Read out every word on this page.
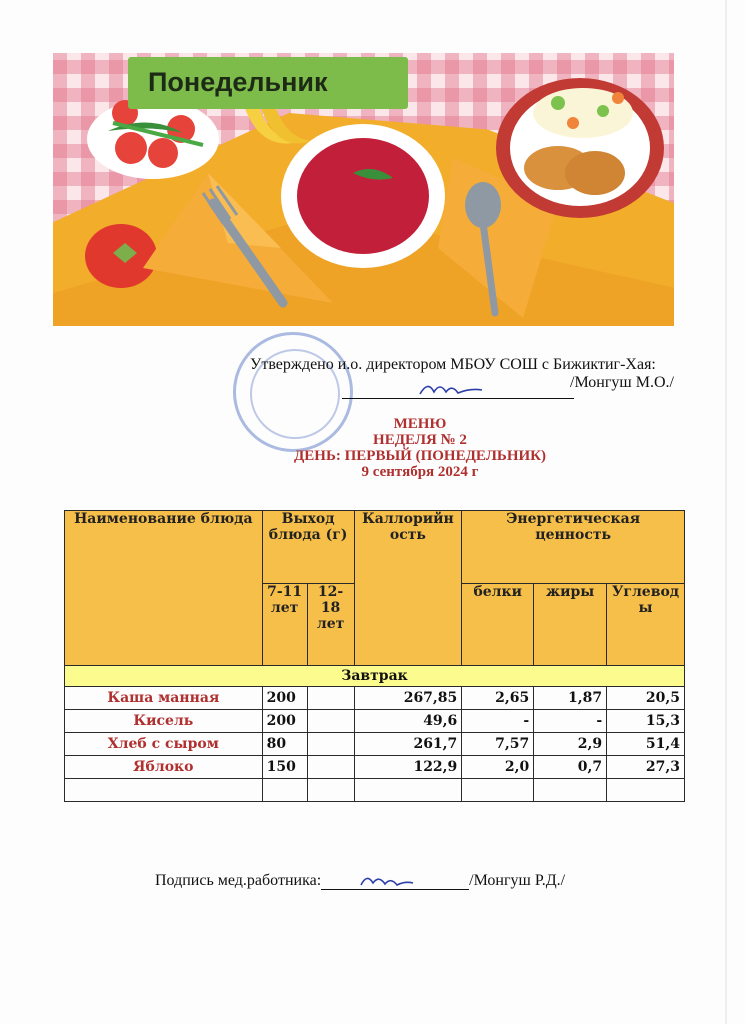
Понедельник
Утверждено и.о. директором МБОУ СОШ с Бижиктиг-Хая:
/Монгуш М.О./
МЕНЮ
НЕДЕЛЯ № 2
ДЕНЬ: ПЕРВЫЙ (ПОНЕДЕЛЬНИК)
9 сентября 2024 г
Наименование блюда	Выход блюда (г)		Каллорийность	Энергетическая ценность		
	7-11 лет	12-18 лет		белки	жиры	Углеводы
Завтрак						
Каша манная	200		267,85	2,65	1,87	20,5
Кисель	200		49,6	-	-	15,3
Хлеб с сыром	80		261,7	7,57	2,9	51,4
Яблоко	150		122,9	2,0	0,7	27,3

Подпись мед.работника:	/Монгуш Р.Д./
